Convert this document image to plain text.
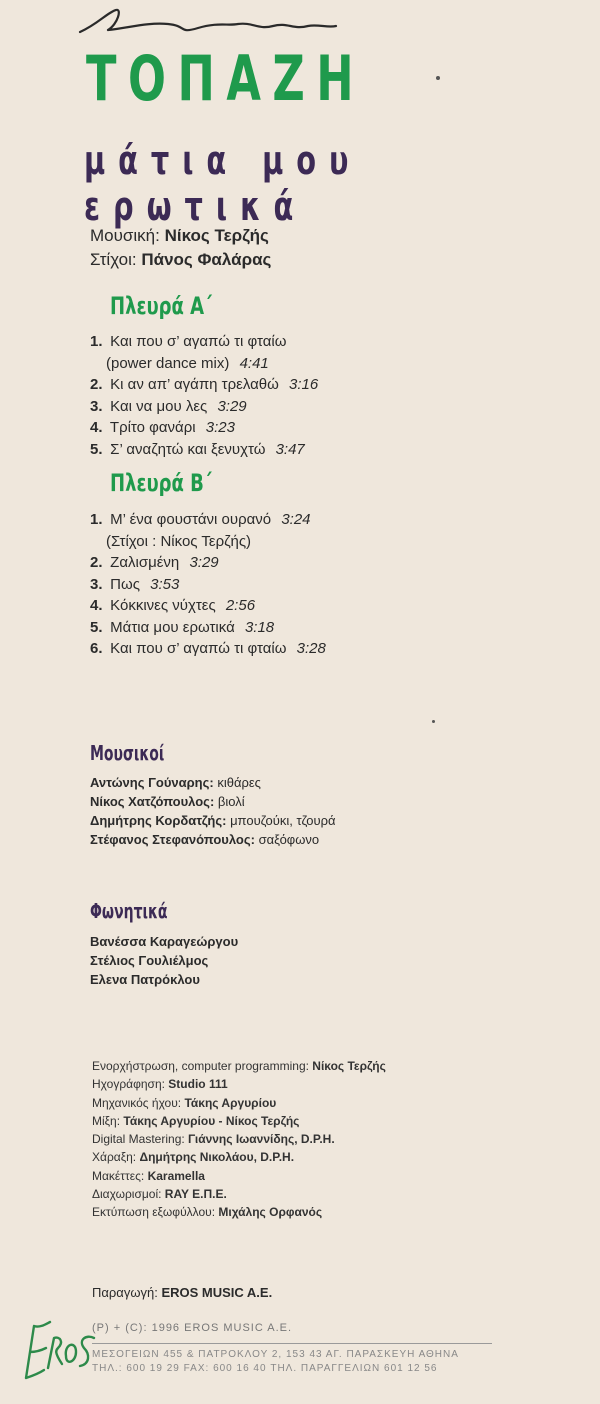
ΤΟΠΑΖΗ
μάτια μου ερωτικά
Μουσική: Νίκος Τερζής
Στίχοι: Πάνος Φαλάρας
Πλευρά Α΄
1. Και που σ’ αγαπώ τι φταίω
(power dance mix) 4:41
2. Κι αν απ’ αγάπη τρελαθώ 3:16
3. Και να μου λες 3:29
4. Τρίτο φανάρι 3:23
5. Σ’ αναζητώ και ξενυχτώ 3:47
Πλευρά Β΄
1. Μ’ ένα φουστάνι ουρανό 3:24
(Στίχοι : Νίκος Τερζής)
2. Ζαλισμένη 3:29
3. Πως 3:53
4. Κόκκινες νύχτες 2:56
5. Μάτια μου ερωτικά 3:18
6. Και που σ’ αγαπώ τι φταίω 3:28
Μουσικοί
Αντώνης Γούναρης: κιθάρες
Νίκος Χατζόπουλος: βιολί
Δημήτρης Κορδατζής: μπουζούκι, τζουρά
Στέφανος Στεφανόπουλος: σαξόφωνο
Φωνητικά
Βανέσσα Καραγεώργου
Στέλιος Γουλιέλμος
Ελενα Πατρόκλου
Ενορχήστρωση, computer programming: Νίκος Τερζής
Ηχογράφηση: Studio 111
Μηχανικός ήχου: Τάκης Αργυρίου
Μίξη: Τάκης Αργυρίου - Νίκος Τερζής
Digital Mastering: Γιάννης Ιωαννίδης, D.P.H.
Χάραξη: Δημήτρης Νικολάου, D.P.H.
Μακέττες: Karamella
Διαχωρισμοί: RAY Ε.Π.Ε.
Εκτύπωση εξωφύλλου: Μιχάλης Ορφανός
Παραγωγή: EROS MUSIC A.E.
(P) + (C): 1996 EROS MUSIC A.E.
ΜΕΣΟΓΕΙΩΝ 455 & ΠΑΤΡΟΚΛΟΥ 2, 153 43 ΑΓ. ΠΑΡΑΣΚΕΥΗ ΑΘΗΝΑ
ΤΗΛ.: 600 19 29 FAX: 600 16 40 ΤΗΛ. ΠΑΡΑΓΓΕΛΙΩΝ 601 12 56
